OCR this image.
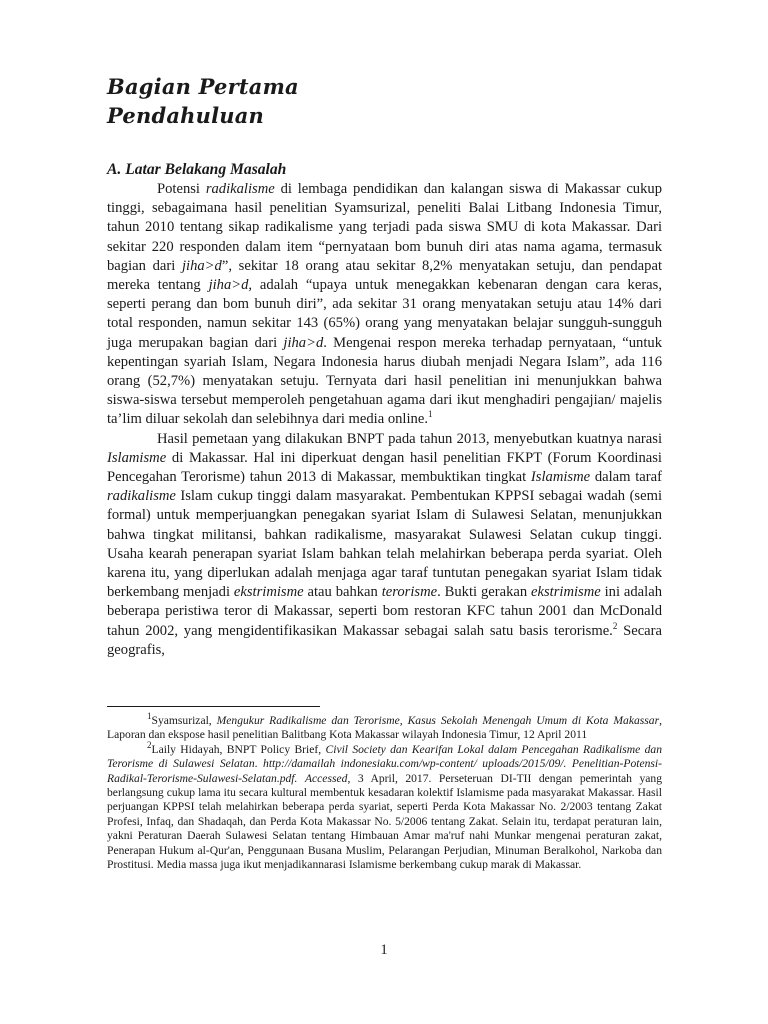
Bagian Pertama
Pendahuluan
A. Latar Belakang Masalah

Potensi radikalisme di lembaga pendidikan dan kalangan siswa di Makassar cukup tinggi, sebagaimana hasil penelitian Syamsurizal, peneliti Balai Litbang Indonesia Timur, tahun 2010 tentang sikap radikalisme yang terjadi pada siswa SMU di kota Makassar. Dari sekitar 220 responden dalam item “pernyataan bom bunuh diri atas nama agama, termasuk bagian dari jiha>d”, sekitar 18 orang atau sekitar 8,2% menyatakan setuju, dan pendapat mereka tentang jiha>d, adalah “upaya untuk menegakkan kebenaran dengan cara keras, seperti perang dan bom bunuh diri”, ada sekitar 31 orang menyatakan setuju atau 14% dari total responden, namun sekitar 143 (65%) orang yang menyatakan belajar sungguh-sungguh juga merupakan bagian dari jiha>d. Mengenai respon mereka terhadap pernyataan, “untuk kepentingan syariah Islam, Negara Indonesia harus diubah menjadi Negara Islam”, ada 116 orang (52,7%) menyatakan setuju. Ternyata dari hasil penelitian ini menunjukkan bahwa siswa-siswa tersebut memperoleh pengetahuan agama dari ikut menghadiri pengajian/ majelis ta’lim diluar sekolah dan selebihnya dari media online.$^1$

Hasil pemetaan yang dilakukan BNPT pada tahun 2013, menyebutkan kuatnya narasi Islamisme di Makassar. Hal ini diperkuat dengan hasil penelitian FKPT (Forum Koordinasi Pencegahan Terorisme) tahun 2013 di Makassar, membuktikan tingkat Islamisme dalam taraf radikalisme Islam cukup tinggi dalam masyarakat. Pembentukan KPPSI sebagai wadah (semi formal) untuk memperjuangkan penegakan syariat Islam di Sulawesi Selatan, menunjukkan bahwa tingkat militansi, bahkan radikalisme, masyarakat Sulawesi Selatan cukup tinggi. Usaha kearah penerapan syariat Islam bahkan telah melahirkan beberapa perda syariat. Oleh karena itu, yang diperlukan adalah menjaga agar taraf tuntutan penegakan syariat Islam tidak berkembang menjadi ekstrimisme atau bahkan terorisme. Bukti gerakan ekstrimisme ini adalah beberapa peristiwa teror di Makassar, seperti bom restoran KFC tahun 2001 dan McDonald tahun 2002, yang mengidentifikasikan Makassar sebagai salah satu basis terorisme.$^2$ Secara geografis,

$^1$Syamsurizal, Mengukur Radikalisme dan Terorisme, Kasus Sekolah Menengah Umum di Kota Makassar, Laporan dan ekspose hasil penelitian Balitbang Kota Makassar wilayah Indonesia Timur, 12 April 2011

$^2$Laily Hidayah, BNPT Policy Brief, Civil Society dan Kearifan Lokal dalam Pencegahan Radikalisme dan Terorisme di Sulawesi Selatan. http://damailah indonesiaku.com/wp-content/ uploads/2015/09/. Penelitian-Potensi-Radikal-Terorisme-Sulawesi-Selatan.pdf. Accessed, 3 April, 2017. Perseteruan DI-TII dengan pemerintah yang berlangsung cukup lama itu secara kultural membentuk kesadaran kolektif Islamisme pada masyarakat Makassar. Hasil perjuangan KPPSI telah melahirkan beberapa perda syariat, seperti Perda Kota Makassar No. 2/2003 tentang Zakat Profesi, Infaq, dan Shadaqah, dan Perda Kota Makassar No. 5/2006 tentang Zakat. Selain itu, terdapat peraturan lain, yakni Peraturan Daerah Sulawesi Selatan tentang Himbauan Amar ma'ruf nahi Munkar mengenai peraturan zakat, Penerapan Hukum al-Qur'an, Penggunaan Busana Muslim, Pelarangan Perjudian, Minuman Beralkohol, Narkoba dan Prostitusi. Media massa juga ikut menjadikannarasi Islamisme berkembang cukup marak di Makassar.

1
